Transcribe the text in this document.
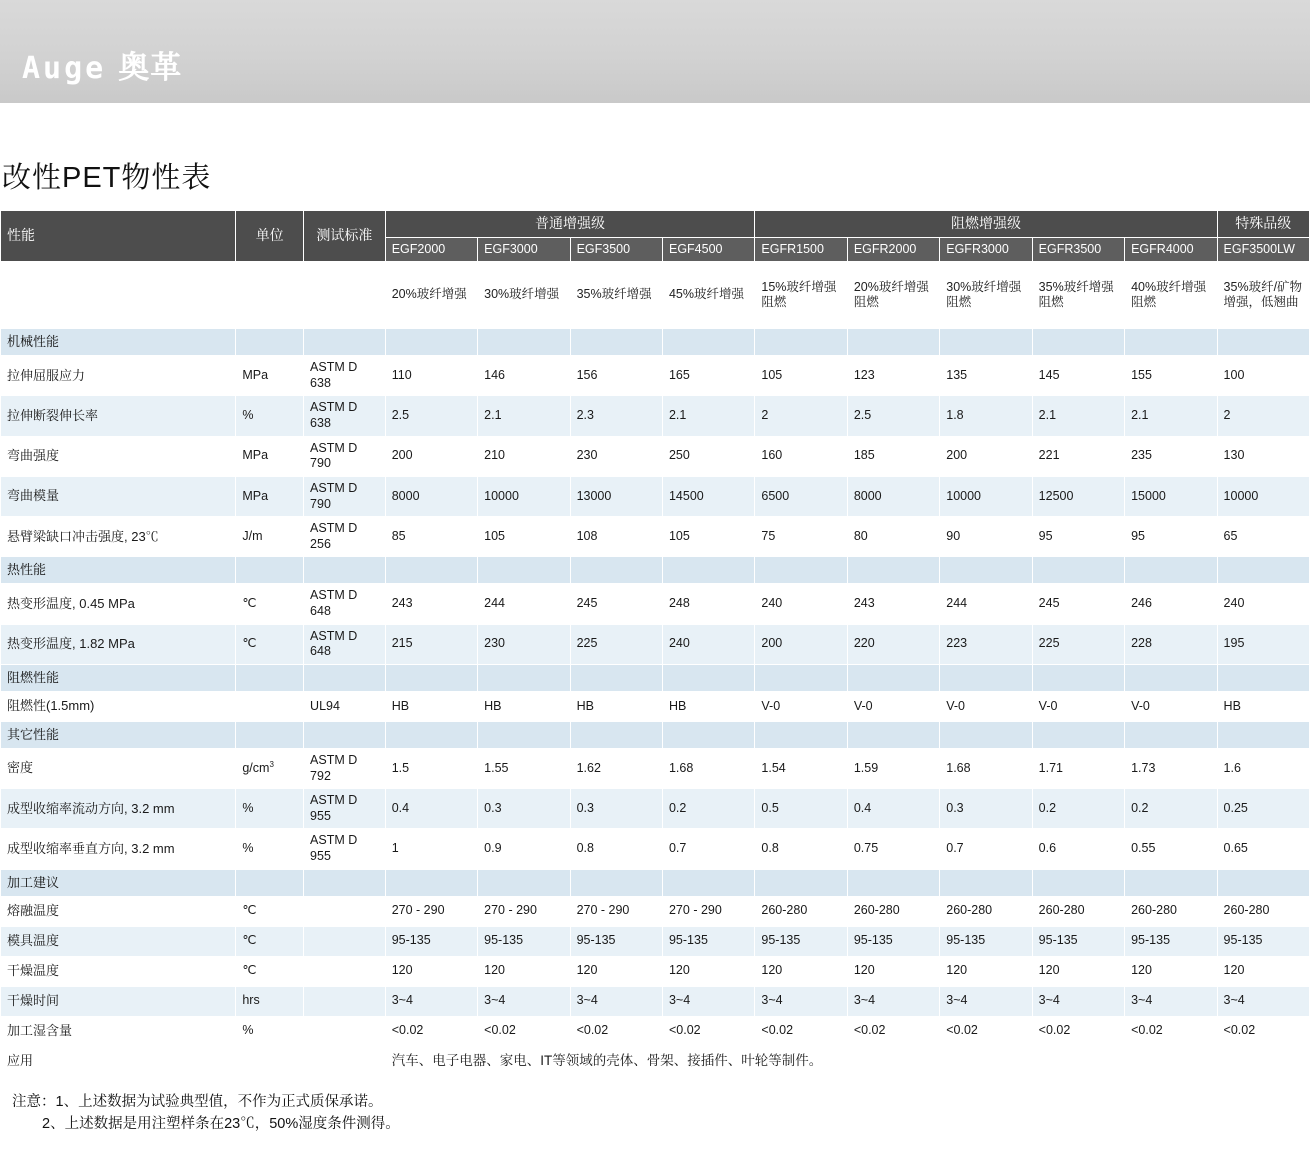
Auge 奥革
改性PET物性表
性能	单位	测试标准	普通增强级				阻燃增强级					特殊品级
			EGF2000	EGF3000	EGF3500	EGF4500	EGFR1500	EGFR2000	EGFR3000	EGFR3500	EGFR4000	EGF3500LW
			20%玻纤增强	30%玻纤增强	35%玻纤增强	45%玻纤增强	15%玻纤增强阻燃	20%玻纤增强阻燃	30%玻纤增强阻燃	35%玻纤增强阻燃	40%玻纤增强阻燃	35%玻纤/矿物增强，低翘曲
机械性能												
拉伸屈服应力	MPa	ASTM D 638	110	146	156	165	105	123	135	145	155	100
拉伸断裂伸长率	%	ASTM D 638	2.5	2.1	2.3	2.1	2	2.5	1.8	2.1	2.1	2
弯曲强度	MPa	ASTM D 790	200	210	230	250	160	185	200	221	235	130
弯曲模量	MPa	ASTM D 790	8000	10000	13000	14500	6500	8000	10000	12500	15000	10000
悬臂梁缺口冲击强度, 23℃	J/m	ASTM D 256	85	105	108	105	75	80	90	95	95	65
热性能												
热变形温度, 0.45 MPa	℃	ASTM D 648	243	244	245	248	240	243	244	245	246	240
热变形温度, 1.82 MPa	℃	ASTM D 648	215	230	225	240	200	220	223	225	228	195
阻燃性能												
阻燃性(1.5mm)		UL94	HB	HB	HB	HB	V-0	V-0	V-0	V-0	V-0	HB
其它性能												
密度	$g/cm^3$	ASTM D 792	1.5	1.55	1.62	1.68	1.54	1.59	1.68	1.71	1.73	1.6
成型收缩率流动方向, 3.2 mm	%	ASTM D 955	0.4	0.3	0.3	0.2	0.5	0.4	0.3	0.2	0.2	0.25
成型收缩率垂直方向, 3.2 mm	%	ASTM D 955	1	0.9	0.8	0.7	0.8	0.75	0.7	0.6	0.55	0.65
加工建议												
熔融温度	℃		270 - 290	270 - 290	270 - 290	270 - 290	260-280	260-280	260-280	260-280	260-280	260-280
模具温度	℃		95-135	95-135	95-135	95-135	95-135	95-135	95-135	95-135	95-135	95-135
干燥温度	℃		120	120	120	120	120	120	120	120	120	120
干燥时间	hrs		3~4	3~4	3~4	3~4	3~4	3~4	3~4	3~4	3~4	3~4
加工湿含量	%		<0.02	<0.02	<0.02	<0.02	<0.02	<0.02	<0.02	<0.02	<0.02	<0.02
应用			汽车、电子电器、家电、IT等领域的壳体、骨架、接插件、叶轮等制件。									
注意：1、上述数据为试验典型值，不作为正式质保承诺。
2、上述数据是用注塑样条在23℃，50%湿度条件测得。
